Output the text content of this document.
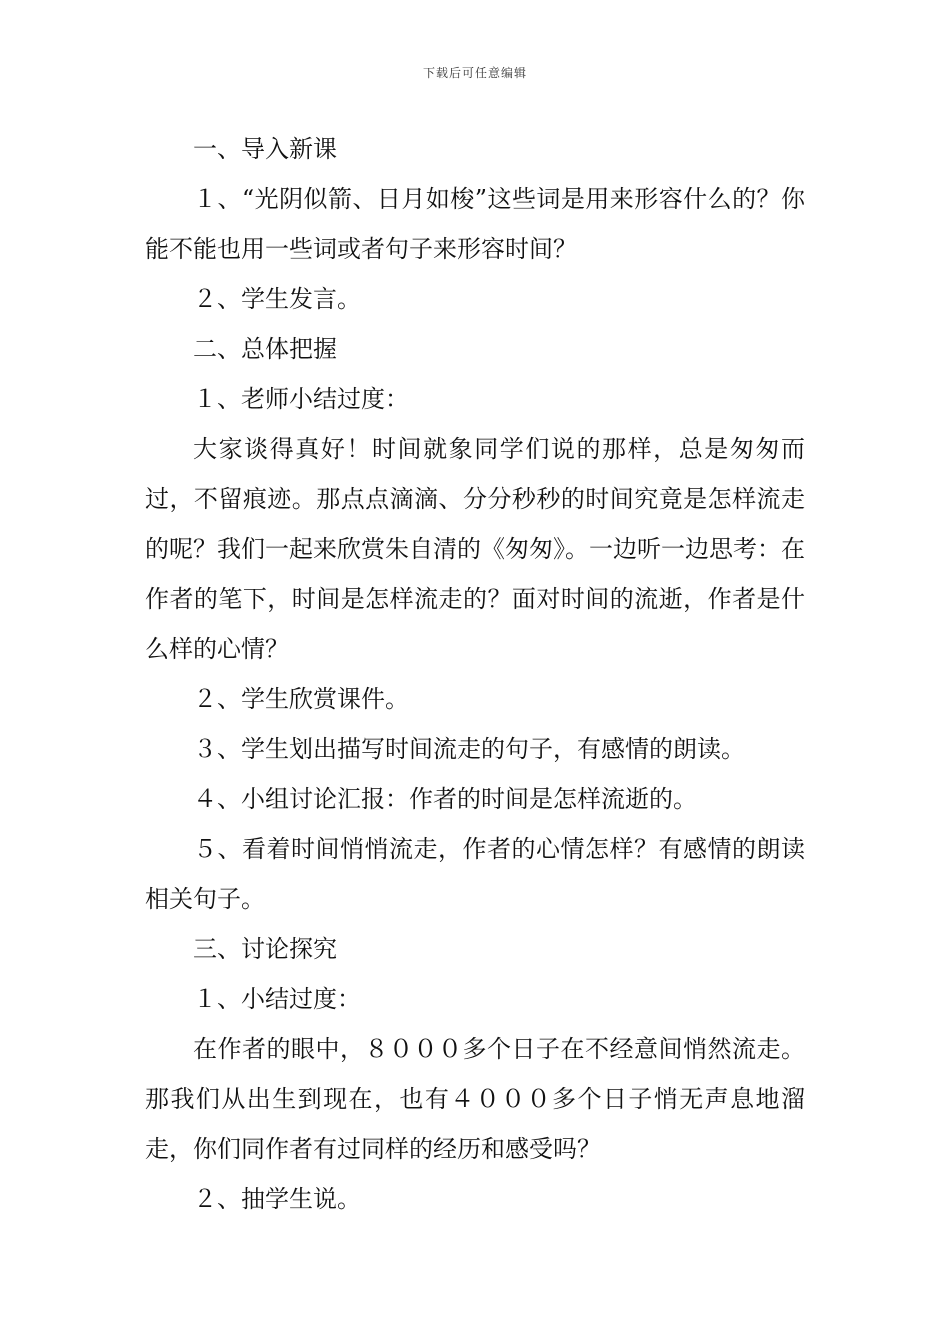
下载后可任意编辑

一、导入新课

１、“光阴似箭、日月如梭”这些词是用来形容什么的？你能不能也用一些词或者句子来形容时间？

２、学生发言。

二、总体把握

１、老师小结过度：

大家谈得真好！时间就象同学们说的那样，总是匆匆而过，不留痕迹。那点点滴滴、分分秒秒的时间究竟是怎样流走的呢？我们一起来欣赏朱自清的《匆匆》。一边听一边思考：在作者的笔下，时间是怎样流走的？面对时间的流逝，作者是什么样的心情？

２、学生欣赏课件。

３、学生划出描写时间流走的句子，有感情的朗读。

４、小组讨论汇报：作者的时间是怎样流逝的。

５、看着时间悄悄流走，作者的心情怎样？有感情的朗读相关句子。

三、讨论探究

１、小结过度：

在作者的眼中，８０００多个日子在不经意间悄然流走。那我们从出生到现在，也有４０００多个日子悄无声息地溜走，你们同作者有过同样的经历和感受吗？

２、抽学生说。
